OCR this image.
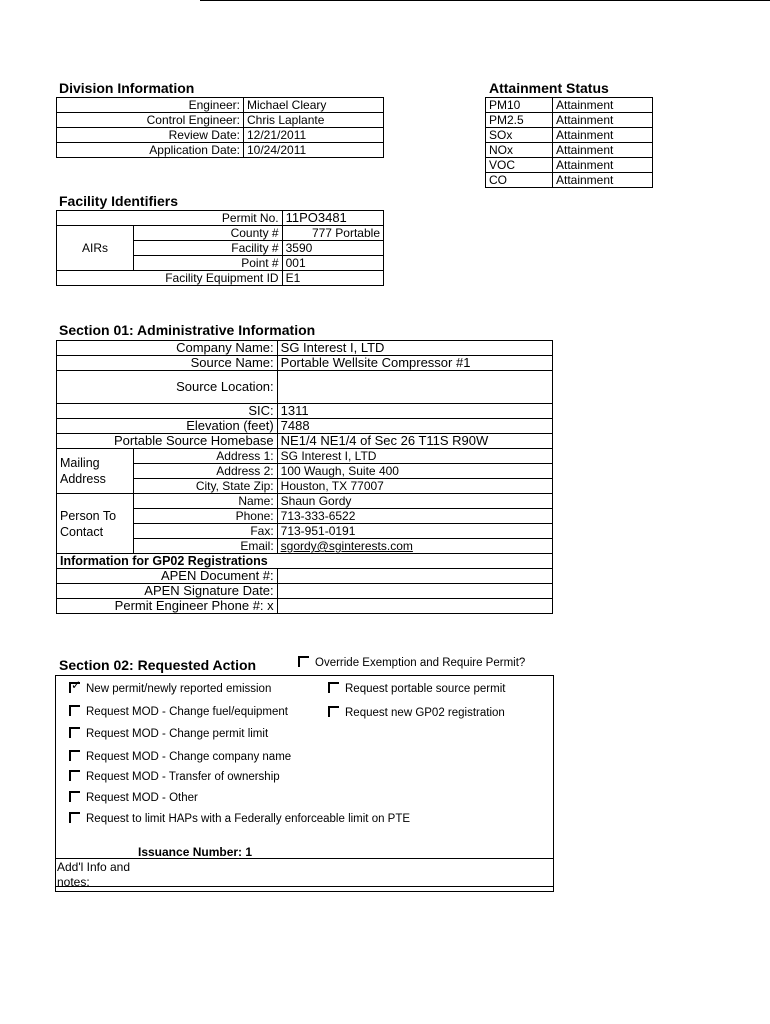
Division Information
Engineer:	Michael Cleary
Control Engineer:	Chris Laplante
Review Date:	12/21/2011
Application Date:	10/24/2011
Attainment Status
PM10	Attainment
PM2.5	Attainment
SOx	Attainment
NOx	Attainment
VOC	Attainment
CO	Attainment
Facility Identifiers
Permit No.		11PO3481
AIRs	County #	777 Portable
	Facility #	3590
	Point #	001
Facility Equipment ID		E1
Section 01: Administrative Information
Company Name:		SG Interest I, LTD
Source Name:		Portable Wellsite Compressor #1
Source Location:		
SIC:		1311
Elevation (feet)		7488
Portable Source Homebase		NE1/4 NE1/4 of Sec 26 T11S R90W
Mailing Address	Address 1:	SG Interest I, LTD
	Address 2:	100 Waugh, Suite 400
	City, State Zip:	Houston, TX 77007
Person To Contact	Name:	Shaun Gordy
	Phone:	713-333-6522
	Fax:	713-951-0191
	Email:	sgordy@sginterests.com
Information for GP02 Registrations		
APEN Document #:		
APEN Signature Date:		
Permit Engineer Phone #: x		
Section 02: Requested Action	Override Exemption and Require Permit?
✓New permit/newly reported emission
Request MOD - Change fuel/equipment
Request MOD - Change permit limit
Request MOD - Change company name
Request MOD - Transfer of ownership
Request MOD - Other
Request to limit HAPs with a Federally enforceable limit on PTE
Request portable source permit
Request new GP02 registration
Issuance Number: 1
Add'l Info and notes:
